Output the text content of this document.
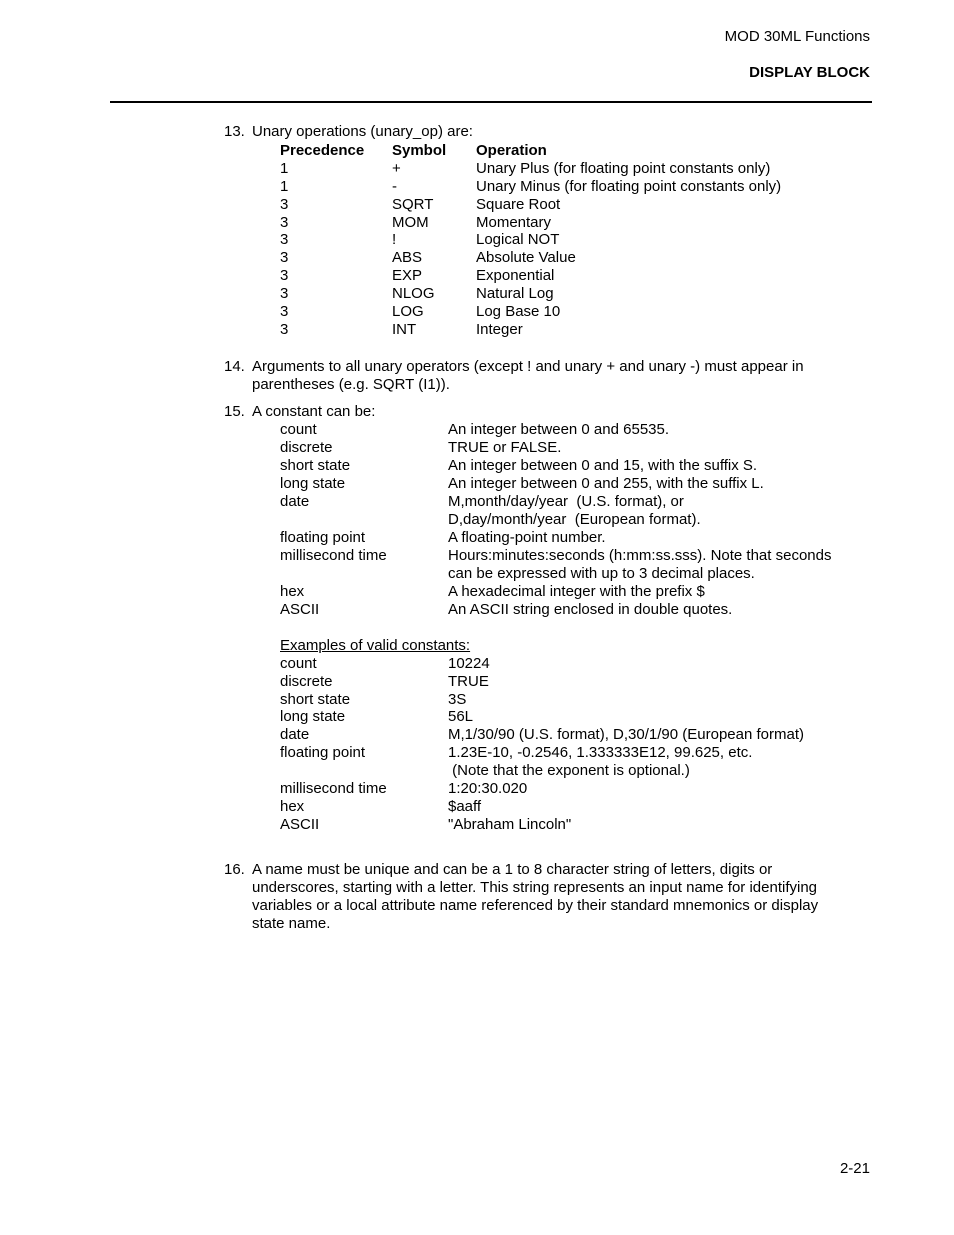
MOD 30ML Functions
DISPLAY BLOCK
13. Unary operations (unary_op) are:
Precedence Symbol Operation
1	+	Unary Plus (for floating point constants only)
1	-	Unary Minus (for floating point constants only)
3	SQRT	Square Root
3	MOM	Momentary
3	!	Logical NOT
3	ABS	Absolute Value
3	EXP	Exponential
3	NLOG	Natural Log
3	LOG	Log Base 10
3	INT	Integer
14. Arguments to all unary operators (except ! and unary + and unary -) must appear in
parentheses (e.g. SQRT (I1)).
15. A constant can be:
count	An integer between 0 and 65535.
discrete	TRUE or FALSE.
short state	An integer between 0 and 15, with the suffix S.
long state	An integer between 0 and 255, with the suffix L.
date	M,month/day/year  (U.S. format), or
D,day/month/year  (European format).
floating point	A floating-point number.
millisecond time	Hours:minutes:seconds (h:mm:ss.sss). Note that seconds
can be expressed with up to 3 decimal places.
hex	A hexadecimal integer with the prefix $
ASCII	An ASCII string enclosed in double quotes.
Examples of valid constants:
count	10224
discrete	TRUE
short state	3S
long state	56L
date	M,1/30/90 (U.S. format), D,30/1/90 (European format)
floating point	1.23E-10, -0.2546, 1.333333E12, 99.625, etc.
(Note that the exponent is optional.)
millisecond time	1:20:30.020
hex	$aaff
ASCII	"Abraham Lincoln"
16. A name must be unique and can be a 1 to 8 character string of letters, digits or
underscores, starting with a letter. This string represents an input name for identifying
variables or a local attribute name referenced by their standard mnemonics or display
state name.
2-21
